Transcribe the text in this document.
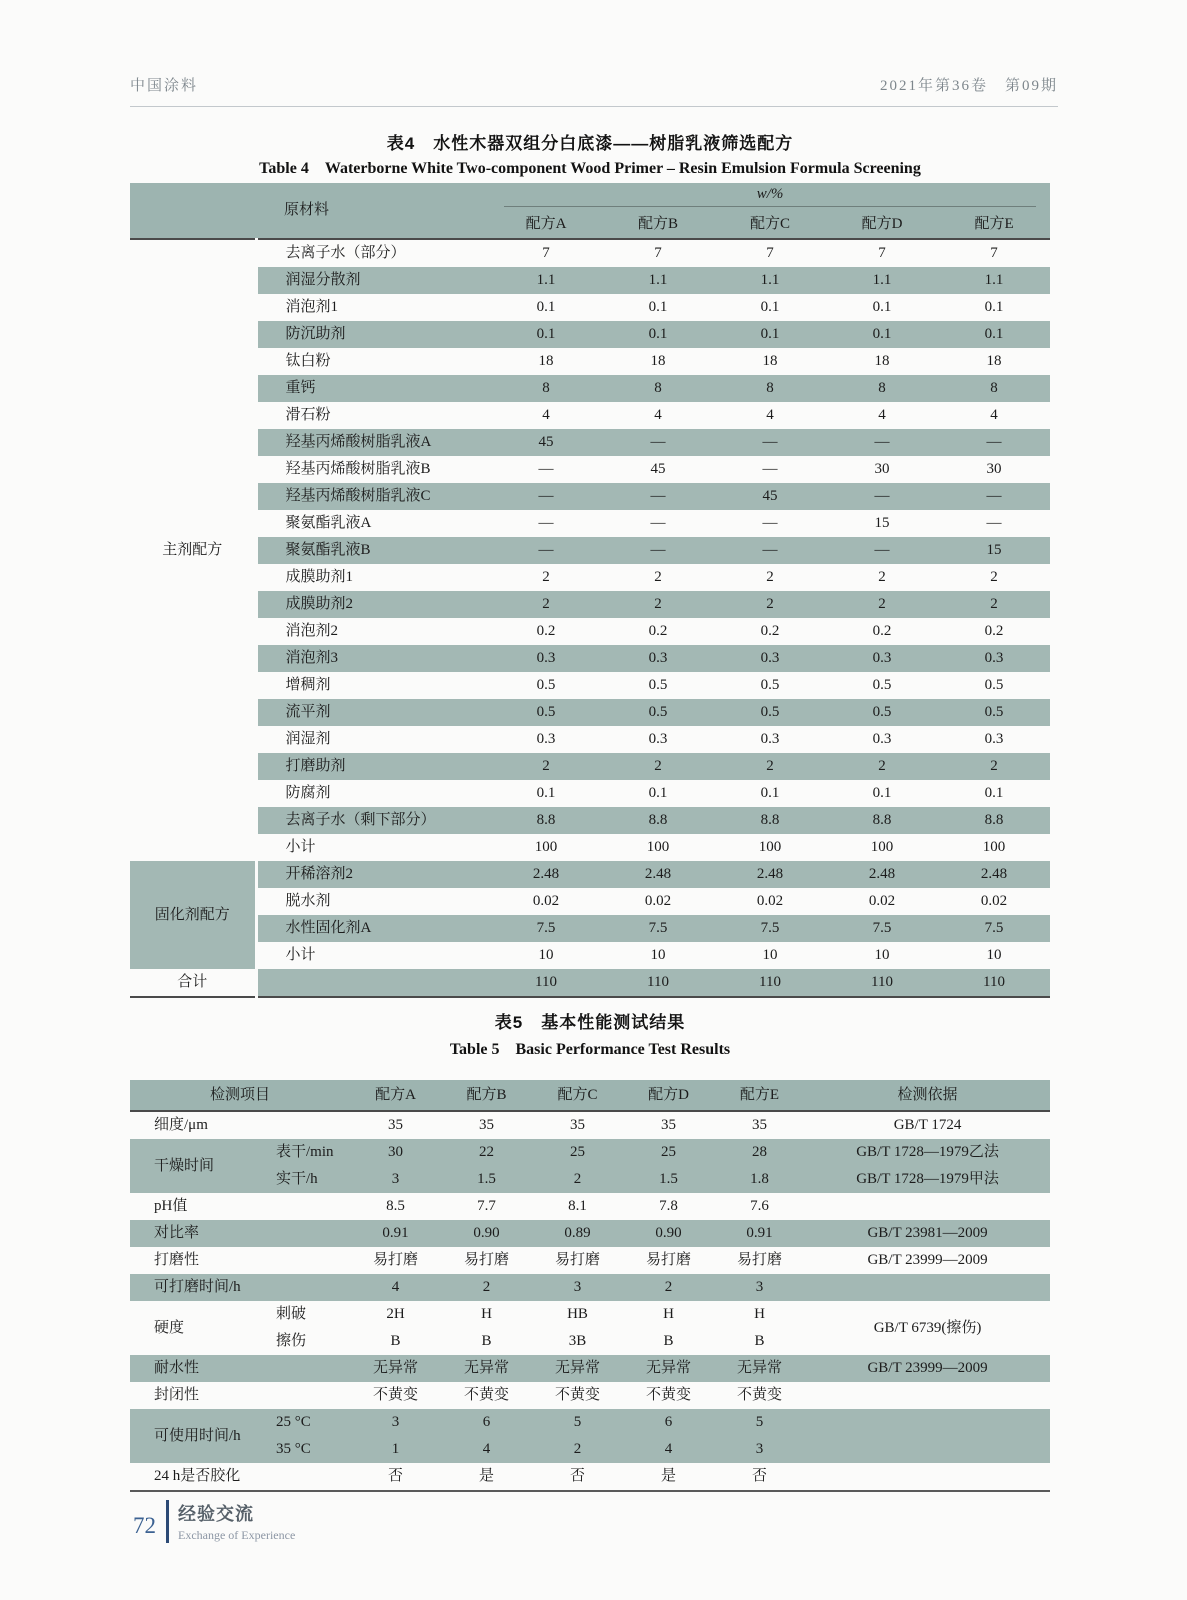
中国涂料	2021年第36卷　第09期
表4　水性木器双组分白底漆——树脂乳液筛选配方
Table 4　Waterborne White Two-component Wood Primer – Resin Emulsion Formula Screening
	原材料	w/%				

		配方A	配方B	配方C	配方D	配方E
主剂配方	去离子水（部分）	7	7	7	7	7
	润湿分散剂	1.1	1.1	1.1	1.1	1.1
	消泡剂1	0.1	0.1	0.1	0.1	0.1
	防沉助剂	0.1	0.1	0.1	0.1	0.1
	钛白粉	18	18	18	18	18
	重钙	8	8	8	8	8
	滑石粉	4	4	4	4	4
	羟基丙烯酸树脂乳液A	45	—	—	—	—
	羟基丙烯酸树脂乳液B	—	45	—	30	30
	羟基丙烯酸树脂乳液C	—	—	45	—	—
	聚氨酯乳液A	—	—	—	15	—
	聚氨酯乳液B	—	—	—	—	15
	成膜助剂1	2	2	2	2	2
	成膜助剂2	2	2	2	2	2
	消泡剂2	0.2	0.2	0.2	0.2	0.2
	消泡剂3	0.3	0.3	0.3	0.3	0.3
	增稠剂	0.5	0.5	0.5	0.5	0.5
	流平剂	0.5	0.5	0.5	0.5	0.5
	润湿剂	0.3	0.3	0.3	0.3	0.3
	打磨助剂	2	2	2	2	2
	防腐剂	0.1	0.1	0.1	0.1	0.1
	去离子水（剩下部分）	8.8	8.8	8.8	8.8	8.8
	小计	100	100	100	100	100
固化剂配方	开稀溶剂2	2.48	2.48	2.48	2.48	2.48
	脱水剂	0.02	0.02	0.02	0.02	0.02
	水性固化剂A	7.5	7.5	7.5	7.5	7.5
	小计	10	10	10	10	10
合计		110	110	110	110	110
表5　基本性能测试结果
Table 5　Basic Performance Test Results
检测项目		配方A	配方B	配方C	配方D	配方E	检测依据
细度/μm		35	35	35	35	35	GB/T 1724
干燥时间	表干/min	30	22	25	25	28	GB/T 1728—1979乙法
	实干/h	3	1.5	2	1.5	1.8	GB/T 1728—1979甲法
pH值		8.5	7.7	8.1	7.8	7.6	
对比率		0.91	0.90	0.89	0.90	0.91	GB/T 23981—2009
打磨性		易打磨	易打磨	易打磨	易打磨	易打磨	GB/T 23999—2009
可打磨时间/h		4	2	3	2	3	
硬度	刺破	2H	H	HB	H	H	GB/T 6739(擦伤)
	擦伤	B	B	3B	B	B	
耐水性		无异常	无异常	无异常	无异常	无异常	GB/T 23999—2009
封闭性		不黄变	不黄变	不黄变	不黄变	不黄变	
可使用时间/h	25 °C	3	6	5	6	5	
	35 °C	1	4	2	4	3	
24 h是否胶化		否	是	否	是	否	
72 经验交流
Exchange of Experience
